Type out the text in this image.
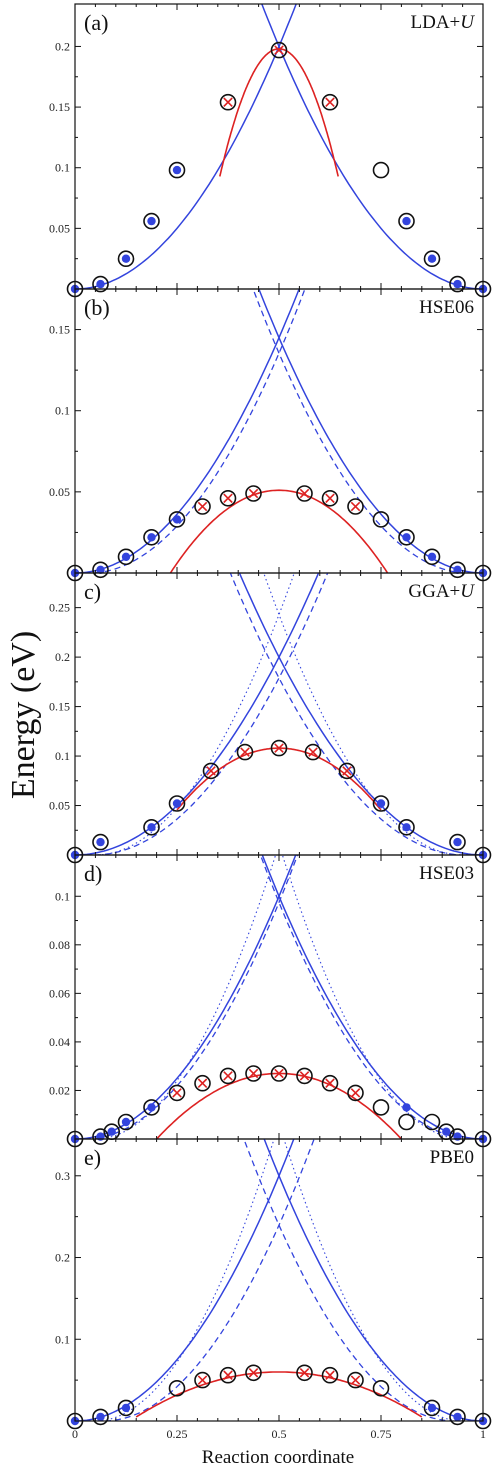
Energy (eV)
Reaction coordinate
0.05
0.1
0.15
0.2
(a)	LDA+U
0.05
0.1
0.15
(b)	HSE06
0.05
0.1
0.15
0.2
0.25
c)	GGA+U
0.02
0.04
0.06
0.08
0.1
d)	HSE03
0.1
0.2
0.3
e)	PBE0
0	0.25	0.5	0.75	1
